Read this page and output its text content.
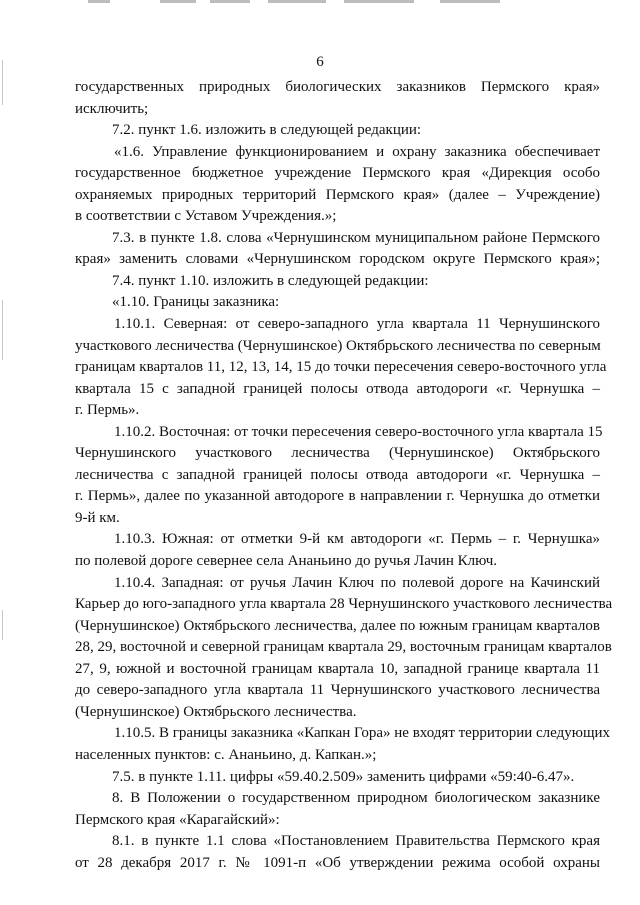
6
государственных природных биологических заказников Пермского края»
исключить;
7.2. пункт 1.6. изложить в следующей редакции:
«1.6. Управление функционированием и охрану заказника обеспечивает
государственное бюджетное учреждение Пермского края «Дирекция особо
охраняемых природных территорий Пермского края» (далее – Учреждение)
в соответствии с Уставом Учреждения.»;
7.3. в пункте 1.8. слова «Чернушинском муниципальном районе Пермского
края» заменить словами «Чернушинском городском округе Пермского края»;
7.4. пункт 1.10. изложить в следующей редакции:
«1.10. Границы заказника:
1.10.1. Северная: от северо-западного угла квартала 11 Чернушинского
участкового лесничества (Чернушинское) Октябрьского лесничества по северным
границам кварталов 11, 12, 13, 14, 15 до точки пересечения северо-восточного угла
квартала 15 с западной границей полосы отвода автодороги «г. Чернушка –
г. Пермь».
1.10.2. Восточная: от точки пересечения северо-восточного угла квартала 15
Чернушинского участкового лесничества (Чернушинское) Октябрьского
лесничества с западной границей полосы отвода автодороги «г. Чернушка –
г. Пермь», далее по указанной автодороге в направлении г. Чернушка до отметки
9-й км.
1.10.3. Южная: от отметки 9-й км автодороги «г. Пермь – г. Чернушка»
по полевой дороге севернее села Ананьино до ручья Лачин Ключ.
1.10.4. Западная: от ручья Лачин Ключ по полевой дороге на Качинский
Карьер до юго-западного угла квартала 28 Чернушинского участкового лесничества
(Чернушинское) Октябрьского лесничества, далее по южным границам кварталов
28, 29, восточной и северной границам квартала 29, восточным границам кварталов
27, 9, южной и восточной границам квартала 10, западной границе квартала 11
до северо-западного угла квартала 11 Чернушинского участкового лесничества
(Чернушинское) Октябрьского лесничества.
1.10.5. В границы заказника «Капкан Гора» не входят территории следующих
населенных пунктов: с. Ананьино, д. Капкан.»;
7.5. в пункте 1.11. цифры «59.40.2.509» заменить цифрами «59:40-6.47».
8. В Положении о государственном природном биологическом заказнике
Пермского края «Карагайский»:
8.1. в пункте 1.1 слова «Постановлением Правительства Пермского края
от 28 декабря 2017 г. № 1091-п «Об утверждении режима особой охраны
